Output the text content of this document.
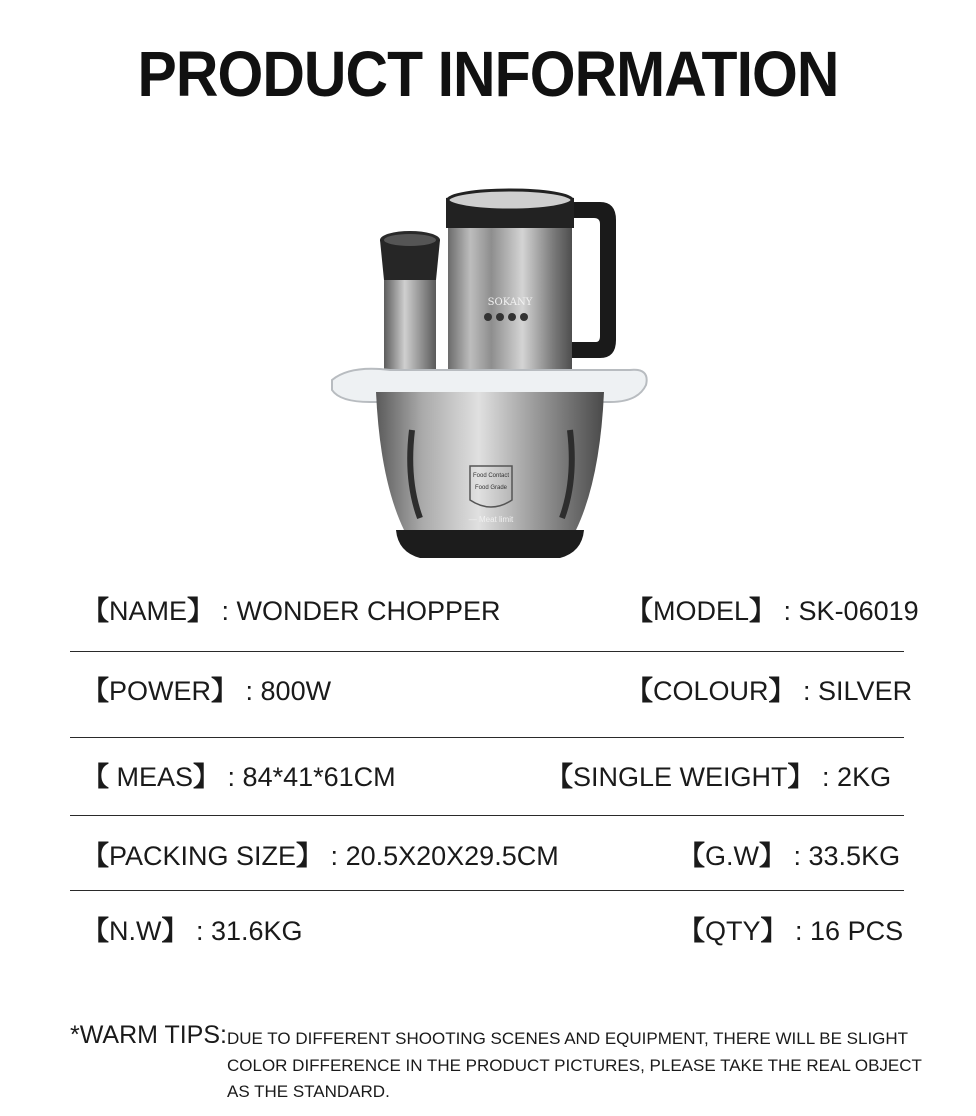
PRODUCT INFORMATION
SOKANY
Food Contact
Food Grade
— Meat limit
【NAME】 : WONDER CHOPPER	【MODEL】 : SK-06019
【POWER】 : 800W	【COLOUR】 : SILVER
【 MEAS】 : 84*41*61CM	【SINGLE WEIGHT】 : 2KG
【PACKING SIZE】 : 20.5X20X29.5CM	【G.W】 : 33.5KG
【N.W】 : 31.6KG	【QTY】 : 16 PCS
*WARM TIPS: DUE TO DIFFERENT SHOOTING SCENES AND EQUIPMENT, THERE WILL BE SLIGHT COLOR DIFFERENCE IN THE PRODUCT PICTURES, PLEASE TAKE THE REAL OBJECT AS THE STANDARD.
